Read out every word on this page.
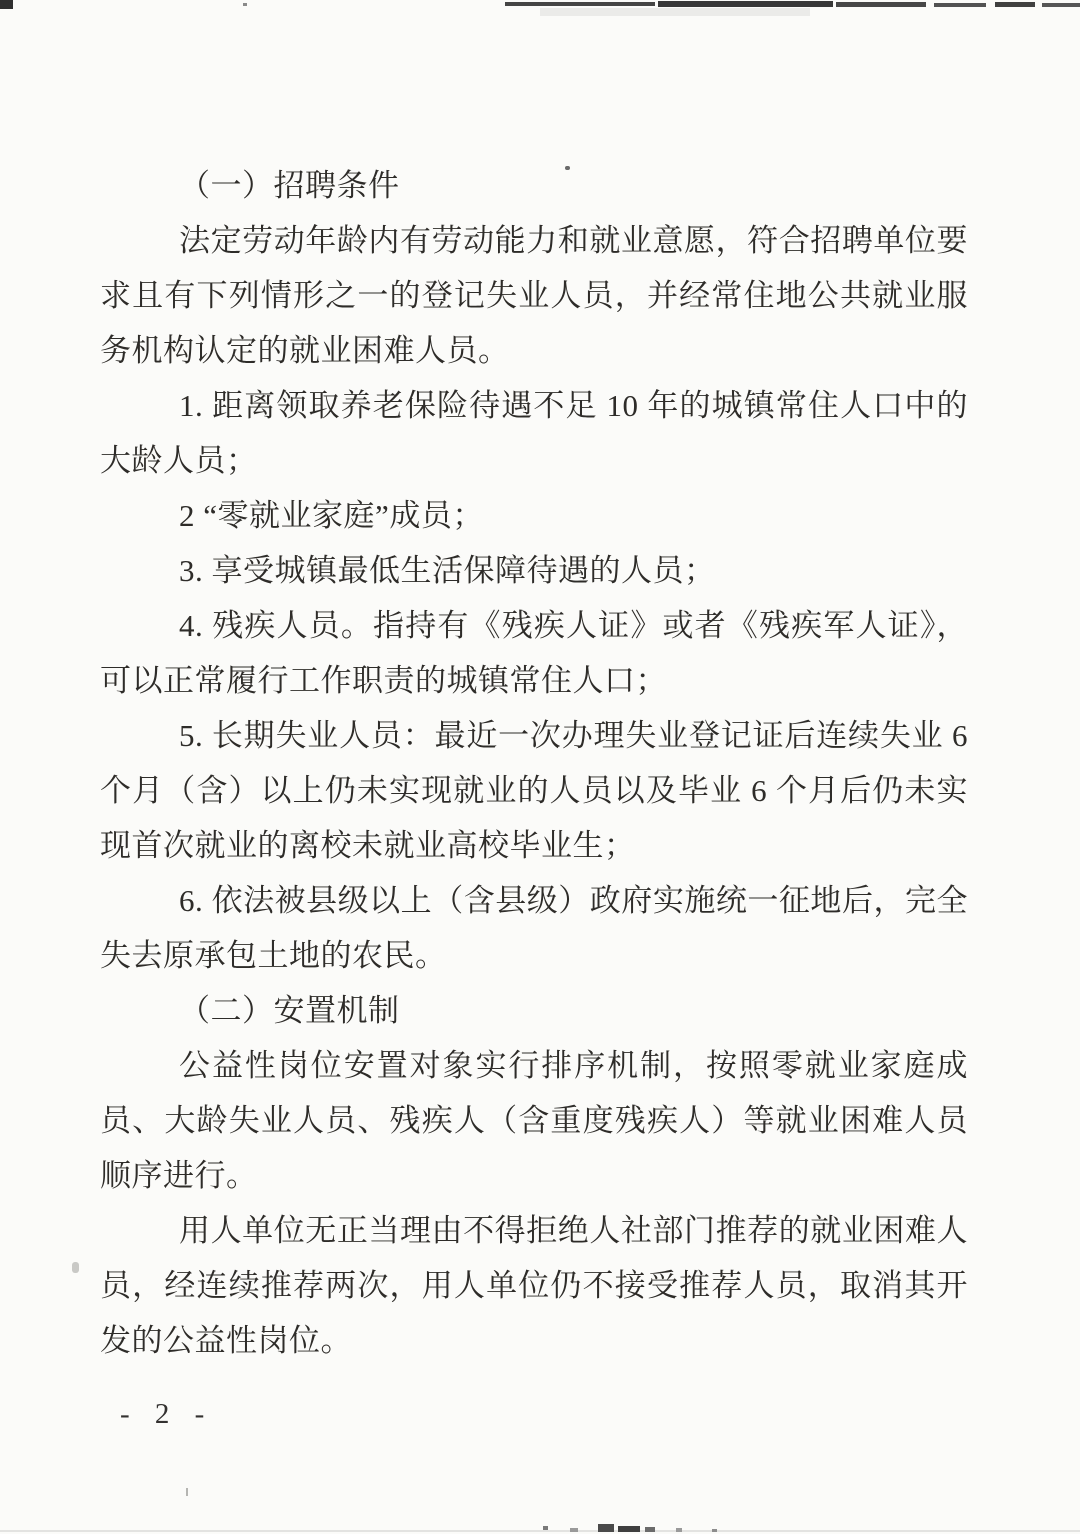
（一）招聘条件

法定劳动年龄内有劳动能力和就业意愿，符合招聘单位要求且有下列情形之一的登记失业人员，并经常住地公共就业服务机构认定的就业困难人员。

1. 距离领取养老保险待遇不足 10 年的城镇常住人口中的大龄人员；

2 “零就业家庭”成员；

3. 享受城镇最低生活保障待遇的人员；

4. 残疾人员。指持有《残疾人证》或者《残疾军人证》，可以正常履行工作职责的城镇常住人口；

5. 长期失业人员：最近一次办理失业登记证后连续失业 6 个月（含）以上仍未实现就业的人员以及毕业 6 个月后仍未实现首次就业的离校未就业高校毕业生；

6. 依法被县级以上（含县级）政府实施统一征地后，完全失去原承包土地的农民。

（二）安置机制

公益性岗位安置对象实行排序机制，按照零就业家庭成员、大龄失业人员、残疾人（含重度残疾人）等就业困难人员顺序进行。

用人单位无正当理由不得拒绝人社部门推荐的就业困难人员，经连续推荐两次，用人单位仍不接受推荐人员，取消其开发的公益性岗位。

- 2 -
